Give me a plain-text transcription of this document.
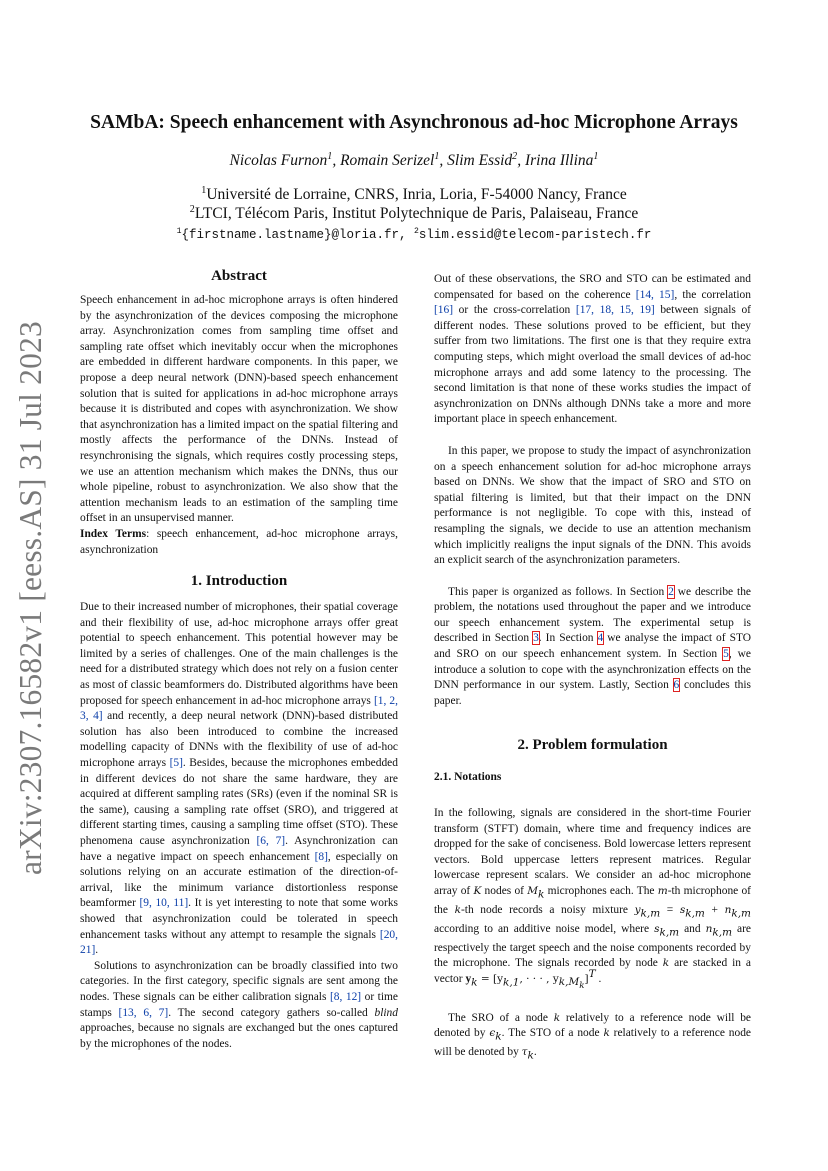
arXiv:2307.16582v1 [eess.AS] 31 Jul 2023
SAMbA: Speech enhancement with Asynchronous ad-hoc Microphone Arrays
Nicolas Furnon$^1$, Romain Serizel$^1$, Slim Essid$^2$, Irina Illina$^1$
$^1$Université de Lorraine, CNRS, Inria, Loria, F-54000 Nancy, France
$^2$LTCI, Télécom Paris, Institut Polytechnique de Paris, Palaiseau, France
$^1${firstname.lastname}@loria.fr, $^2$slim.essid@telecom-paristech.fr
Abstract

Speech enhancement in ad-hoc microphone arrays is often hindered by the asynchronization of the devices composing the microphone array. Asynchronization comes from sampling time offset and sampling rate offset which inevitably occur when the microphones are embedded in different hardware components. In this paper, we propose a deep neural network (DNN)-based speech enhancement solution that is suited for applications in ad-hoc microphone arrays because it is distributed and copes with asynchronization. We show that asynchronization has a limited impact on the spatial filtering and mostly affects the performance of the DNNs. Instead of resynchronising the signals, which requires costly processing steps, we use an attention mechanism which makes the DNNs, thus our whole pipeline, robust to asynchronization. We also show that the attention mechanism leads to an estimation of the sampling time offset in an unsupervised manner.

Index Terms: speech enhancement, ad-hoc microphone arrays, asynchronization

1. Introduction

Due to their increased number of microphones, their spatial coverage and their flexibility of use, ad-hoc microphone arrays offer great potential to speech enhancement. This potential however may be limited by a series of challenges. One of the main challenges is the need for a distributed strategy which does not rely on a fusion center as most of classic beamformers do. Distributed algorithms have been proposed for speech enhancement in ad-hoc microphone arrays [1, 2, 3, 4] and recently, a deep neural network (DNN)-based distributed solution has also been introduced to combine the increased modelling capacity of DNNs with the flexibility of use of ad-hoc microphone arrays [5]. Besides, because the microphones embedded in different devices do not share the same hardware, they are acquired at different sampling rates (SRs) (even if the nominal SR is the same), causing a sampling rate offset (SRO), and triggered at different starting times, causing a sampling time offset (STO). These phenomena cause asynchronization [6, 7]. Asynchronization can have a negative impact on speech enhancement [8], especially on solutions relying on an accurate estimation of the direction-of-arrival, like the minimum variance distortionless response beamformer [9, 10, 11]. It is yet interesting to note that some works showed that asynchronization could be tolerated in speech enhancement tasks without any attempt to resample the signals [20, 21].

Solutions to asynchronization can be broadly classified into two categories. In the first category, specific signals are sent among the nodes. These signals can be either calibration signals [8, 12] or time stamps [13, 6, 7]. The second category gathers so-called blind approaches, because no signals are exchanged but the ones captured by the microphones of the nodes.

Out of these observations, the SRO and STO can be estimated and compensated for based on the coherence [14, 15], the correlation [16] or the cross-correlation [17, 18, 15, 19] between signals of different nodes. These solutions proved to be efficient, but they suffer from two limitations. The first one is that they require extra computing steps, which might overload the small devices of ad-hoc microphone arrays and add some latency to the processing. The second limitation is that none of these works studies the impact of asynchronization on DNNs although DNNs take a more and more important place in speech enhancement.

In this paper, we propose to study the impact of asynchronization on a speech enhancement solution for ad-hoc microphone arrays based on DNNs. We show that the impact of SRO and STO on spatial filtering is limited, but that their impact on the DNN performance is not negligible. To cope with this, instead of resampling the signals, we decide to use an attention mechanism which implicitly realigns the input signals of the DNN. This avoids an explicit search of the asynchronization parameters.

This paper is organized as follows. In Section 2 we describe the problem, the notations used throughout the paper and we introduce our speech enhancement system. The experimental setup is described in Section 3. In Section 4 we analyse the impact of STO and SRO on our speech enhancement system. In Section 5, we introduce a solution to cope with the asynchronization effects on the DNN performance in our system. Lastly, Section 6 concludes this paper.

2. Problem formulation
2.1. Notations

In the following, signals are considered in the short-time Fourier transform (STFT) domain, where time and frequency indices are dropped for the sake of conciseness. Bold lowercase letters represent vectors. Bold uppercase letters represent matrices. Regular lowercase represent scalars. We consider an ad-hoc microphone array of K nodes of $M_k$ microphones each. The m-th microphone of the k-th node records a noisy mixture $y_{k,m} = s_{k,m} + n_{k,m}$ according to an additive noise model, where $s_{k,m}$ and $n_{k,m}$ are respectively the target speech and the noise components recorded by the microphone. The signals recorded by node k are stacked in a vector $y_k = [y_{k,1}$, · · · , $y_{k,M_k}]^T$ .

The SRO of a node k relatively to a reference node will be denoted by $\epsilon_k$. The STO of a node k relatively to a reference node will be denoted by $\tau_k$.
